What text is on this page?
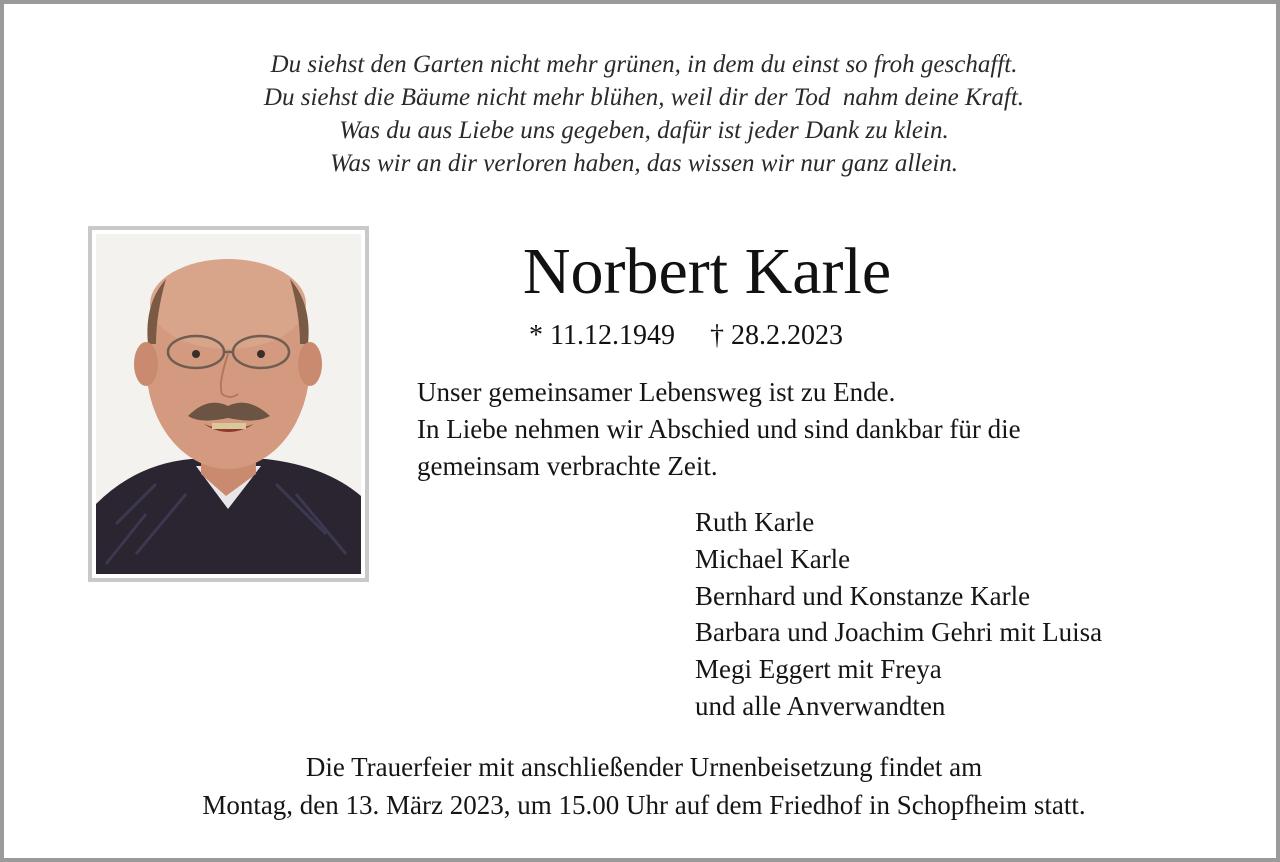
Du siehst den Garten nicht mehr grünen, in dem du einst so froh geschafft.
Du siehst die Bäume nicht mehr blühen, weil dir der Tod  nahm deine Kraft.
Was du aus Liebe uns gegeben, dafür ist jeder Dank zu klein.
Was wir an dir verloren haben, das wissen wir nur ganz allein.
Norbert Karle
* 11.12.1949 † 28.2.2023
Unser gemeinsamer Lebensweg ist zu Ende.
In Liebe nehmen wir Abschied und sind dankbar für die
gemeinsam verbrachte Zeit.
Ruth Karle
Michael Karle
Bernhard und Konstanze Karle
Barbara und Joachim Gehri mit Luisa
Megi Eggert mit Freya
und alle Anverwandten
Die Trauerfeier mit anschließender Urnenbeisetzung findet am
Montag, den 13. März 2023, um 15.00 Uhr auf dem Friedhof in Schopfheim statt.
